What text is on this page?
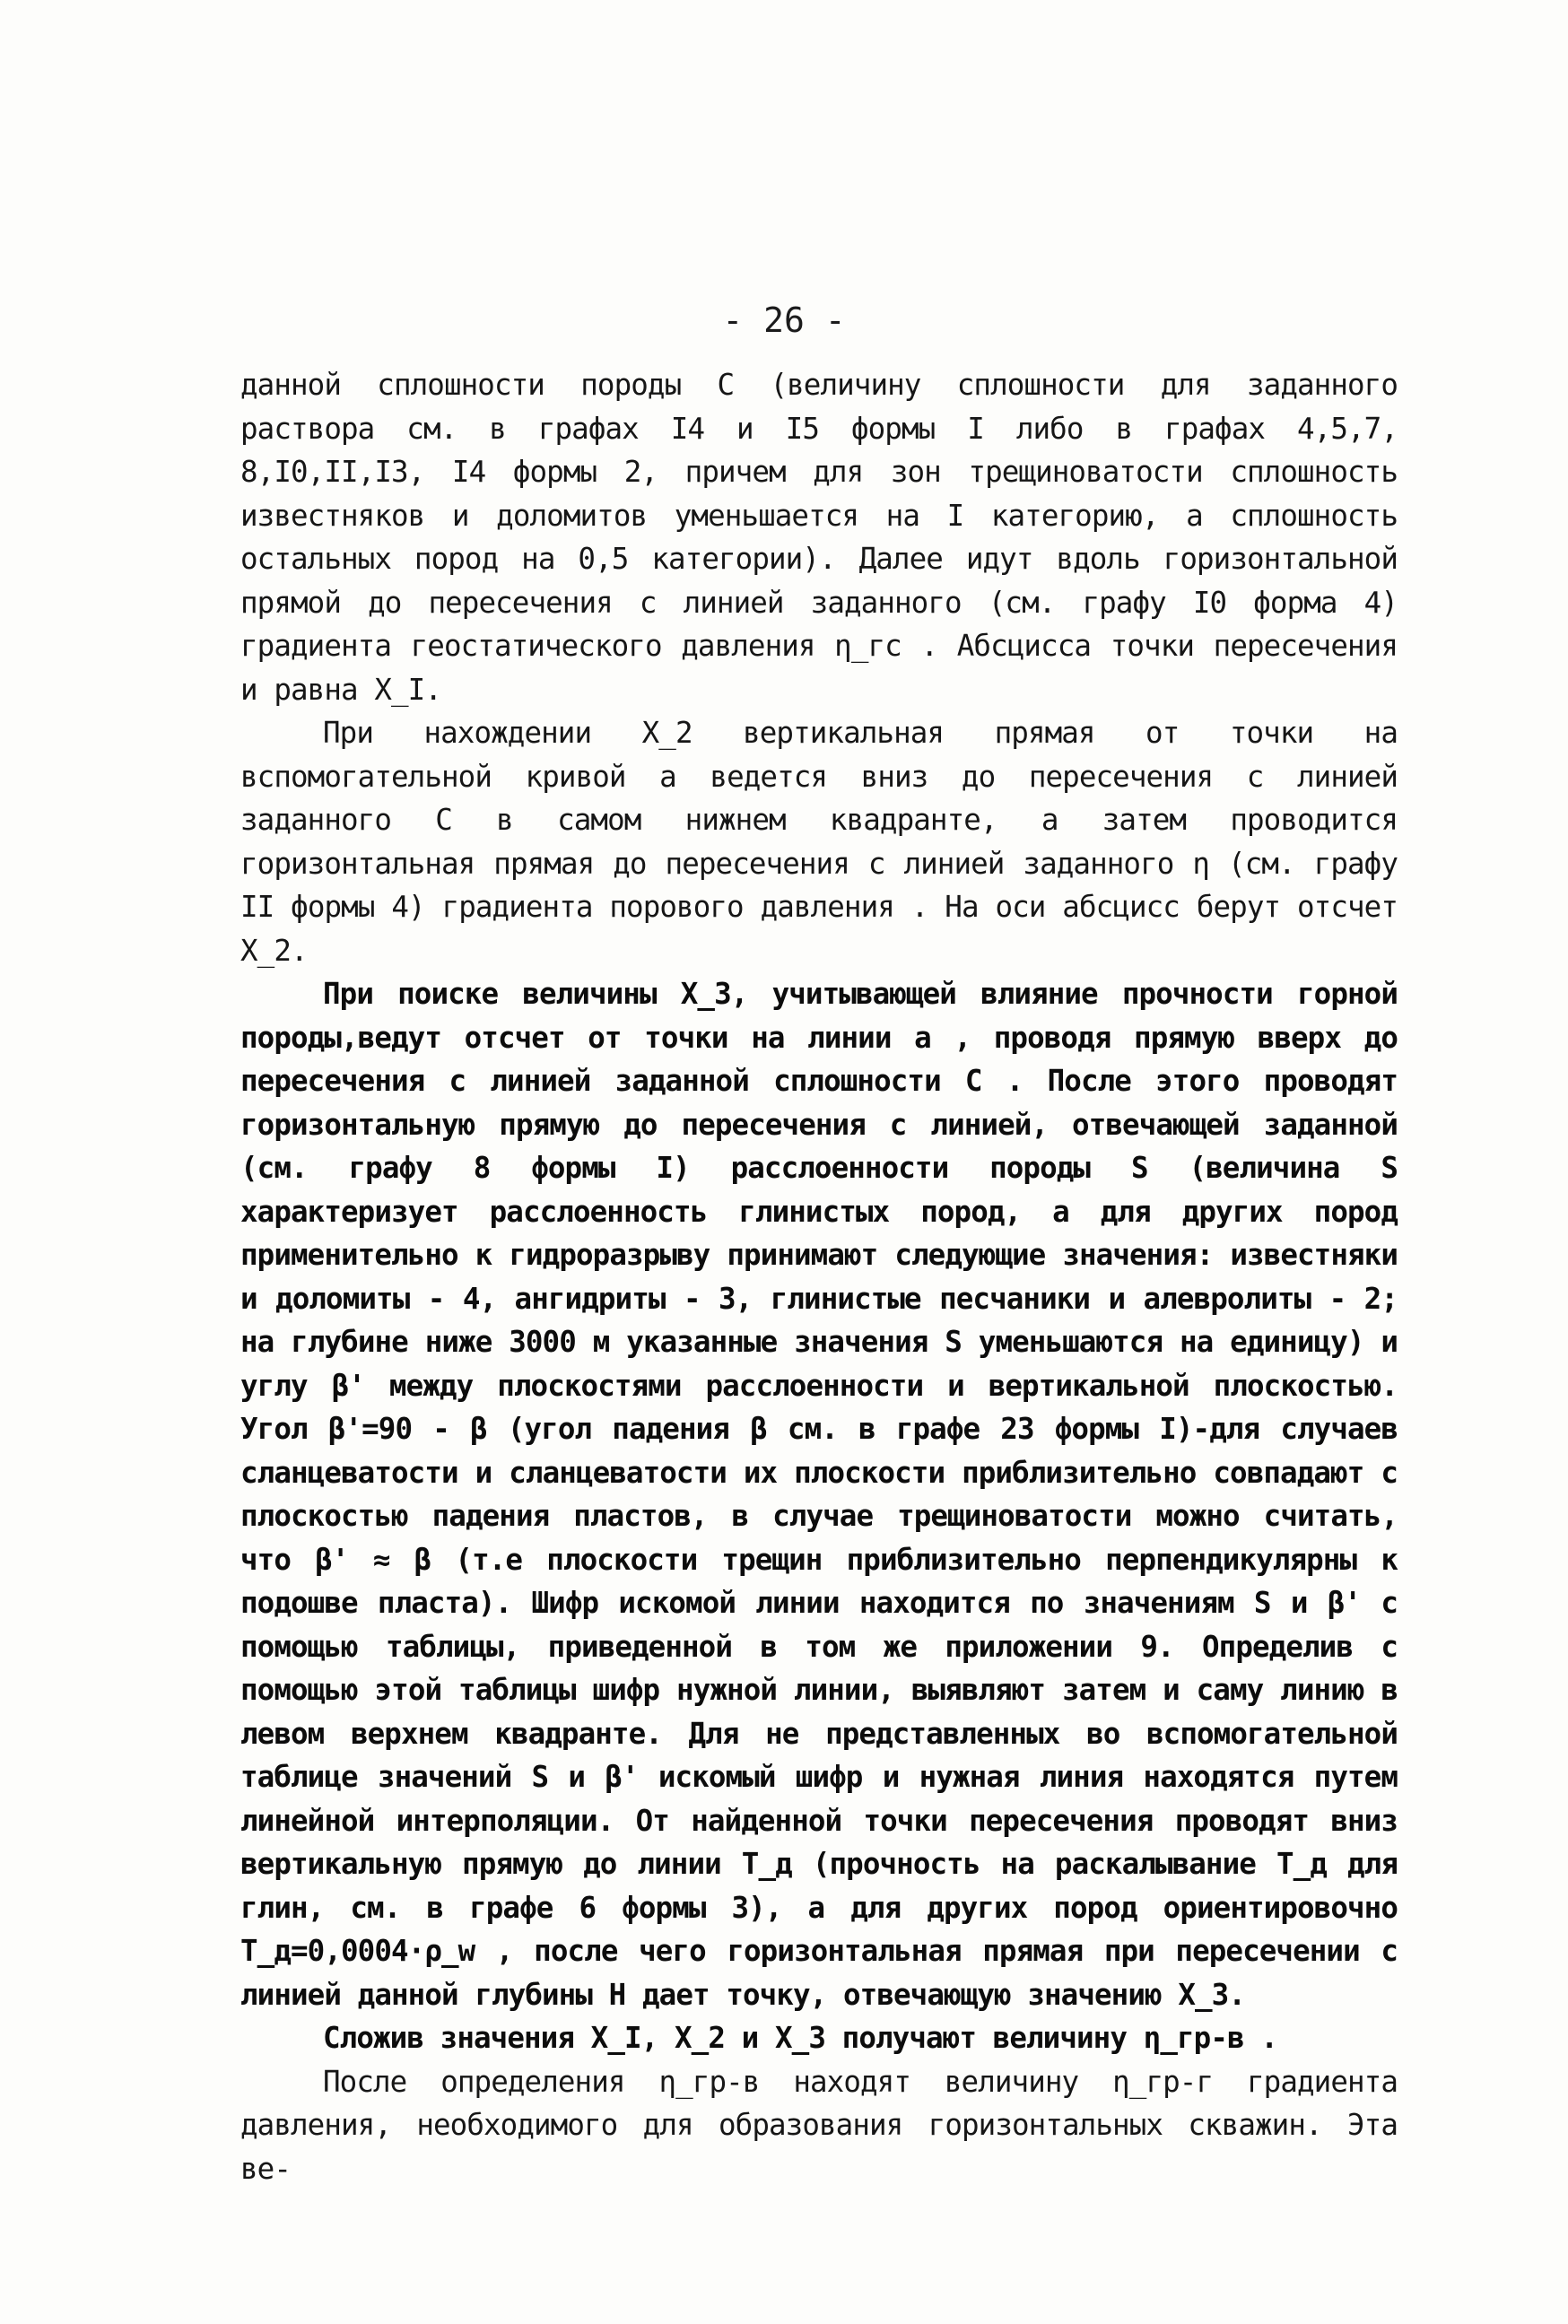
- 26 -

данной сплошности породы С (величину сплошности для заданного раствора см. в графах I4 и I5 формы I либо в графах 4,5,7, 8,I0,II,I3, I4 формы 2, причем для зон трещиноватости сплошность известняков и доломитов уменьшается на I категорию, а сплошность остальных пород на 0,5 категории). Далее идут вдоль горизонтальной прямой до пересечения с линией заданного (см. графу I0 форма 4) градиента геостатического давления η_гс . Абсцисса точки пересечения и равна X_I.

При нахождении X_2 вертикальная прямая от точки на вспомогательной кривой a ведется вниз до пересечения с линией заданного C в самом нижнем квадранте, а затем проводится горизонтальная прямая до пересечения с линией заданного η (см. графу II формы 4) градиента порового давления . На оси абсцисс берут отсчет X_2.

При поиске величины X_3, учитывающей влияние прочности горной породы,ведут отсчет от точки на линии a , проводя прямую вверх до пересечения с линией заданной сплошности C . После этого проводят горизонтальную прямую до пересечения с линией, отвечающей заданной (см. графу 8 формы I) расслоенности породы S (величина S характеризует расслоенность глинистых пород, а для других пород применительно к гидроразрыву принимают следующие значения: известняки и доломиты - 4, ангидриты - 3, глинистые песчаники и алевролиты - 2; на глубине ниже 3000 м указанные значения S уменьшаются на единицу) и углу β' между плоскостями расслоенности и вертикальной плоскостью. Угол β'=90 - β (угол падения β см. в графе 23 формы I)-для случаев сланцеватости и сланцеватости их плоскости приблизительно совпадают с плоскостью падения пластов, в случае трещиноватости можно считать, что β' ≈ β (т.е плоскости трещин приблизительно перпендикулярны к подошве пласта). Шифр искомой линии находится по значениям S и β' с помощью таблицы, приведенной в том же приложении 9. Определив с помощью этой таблицы шифр нужной линии, выявляют затем и саму линию в левом верхнем квадранте. Для не представленных во вспомогательной таблице значений S и β' искомый шифр и нужная линия находятся путем линейной интерполяции. От найденной точки пересечения проводят вниз вертикальную прямую до линии T_д (прочность на раскалывание T_д для глин, см. в графе 6 формы 3), а для других пород ориентировочно T_д=0,0004·ρ_w , после чего горизонтальная прямая при пересечении с линией данной глубины Н дает точку, отвечающую значению X_3.

Сложив значения X_I, X_2 и X_3 получают величину η_гр-в .

После определения η_гр-в находят величину η_гр-г градиента давления, необходимого для образования горизонтальных скважин. Эта ве-
